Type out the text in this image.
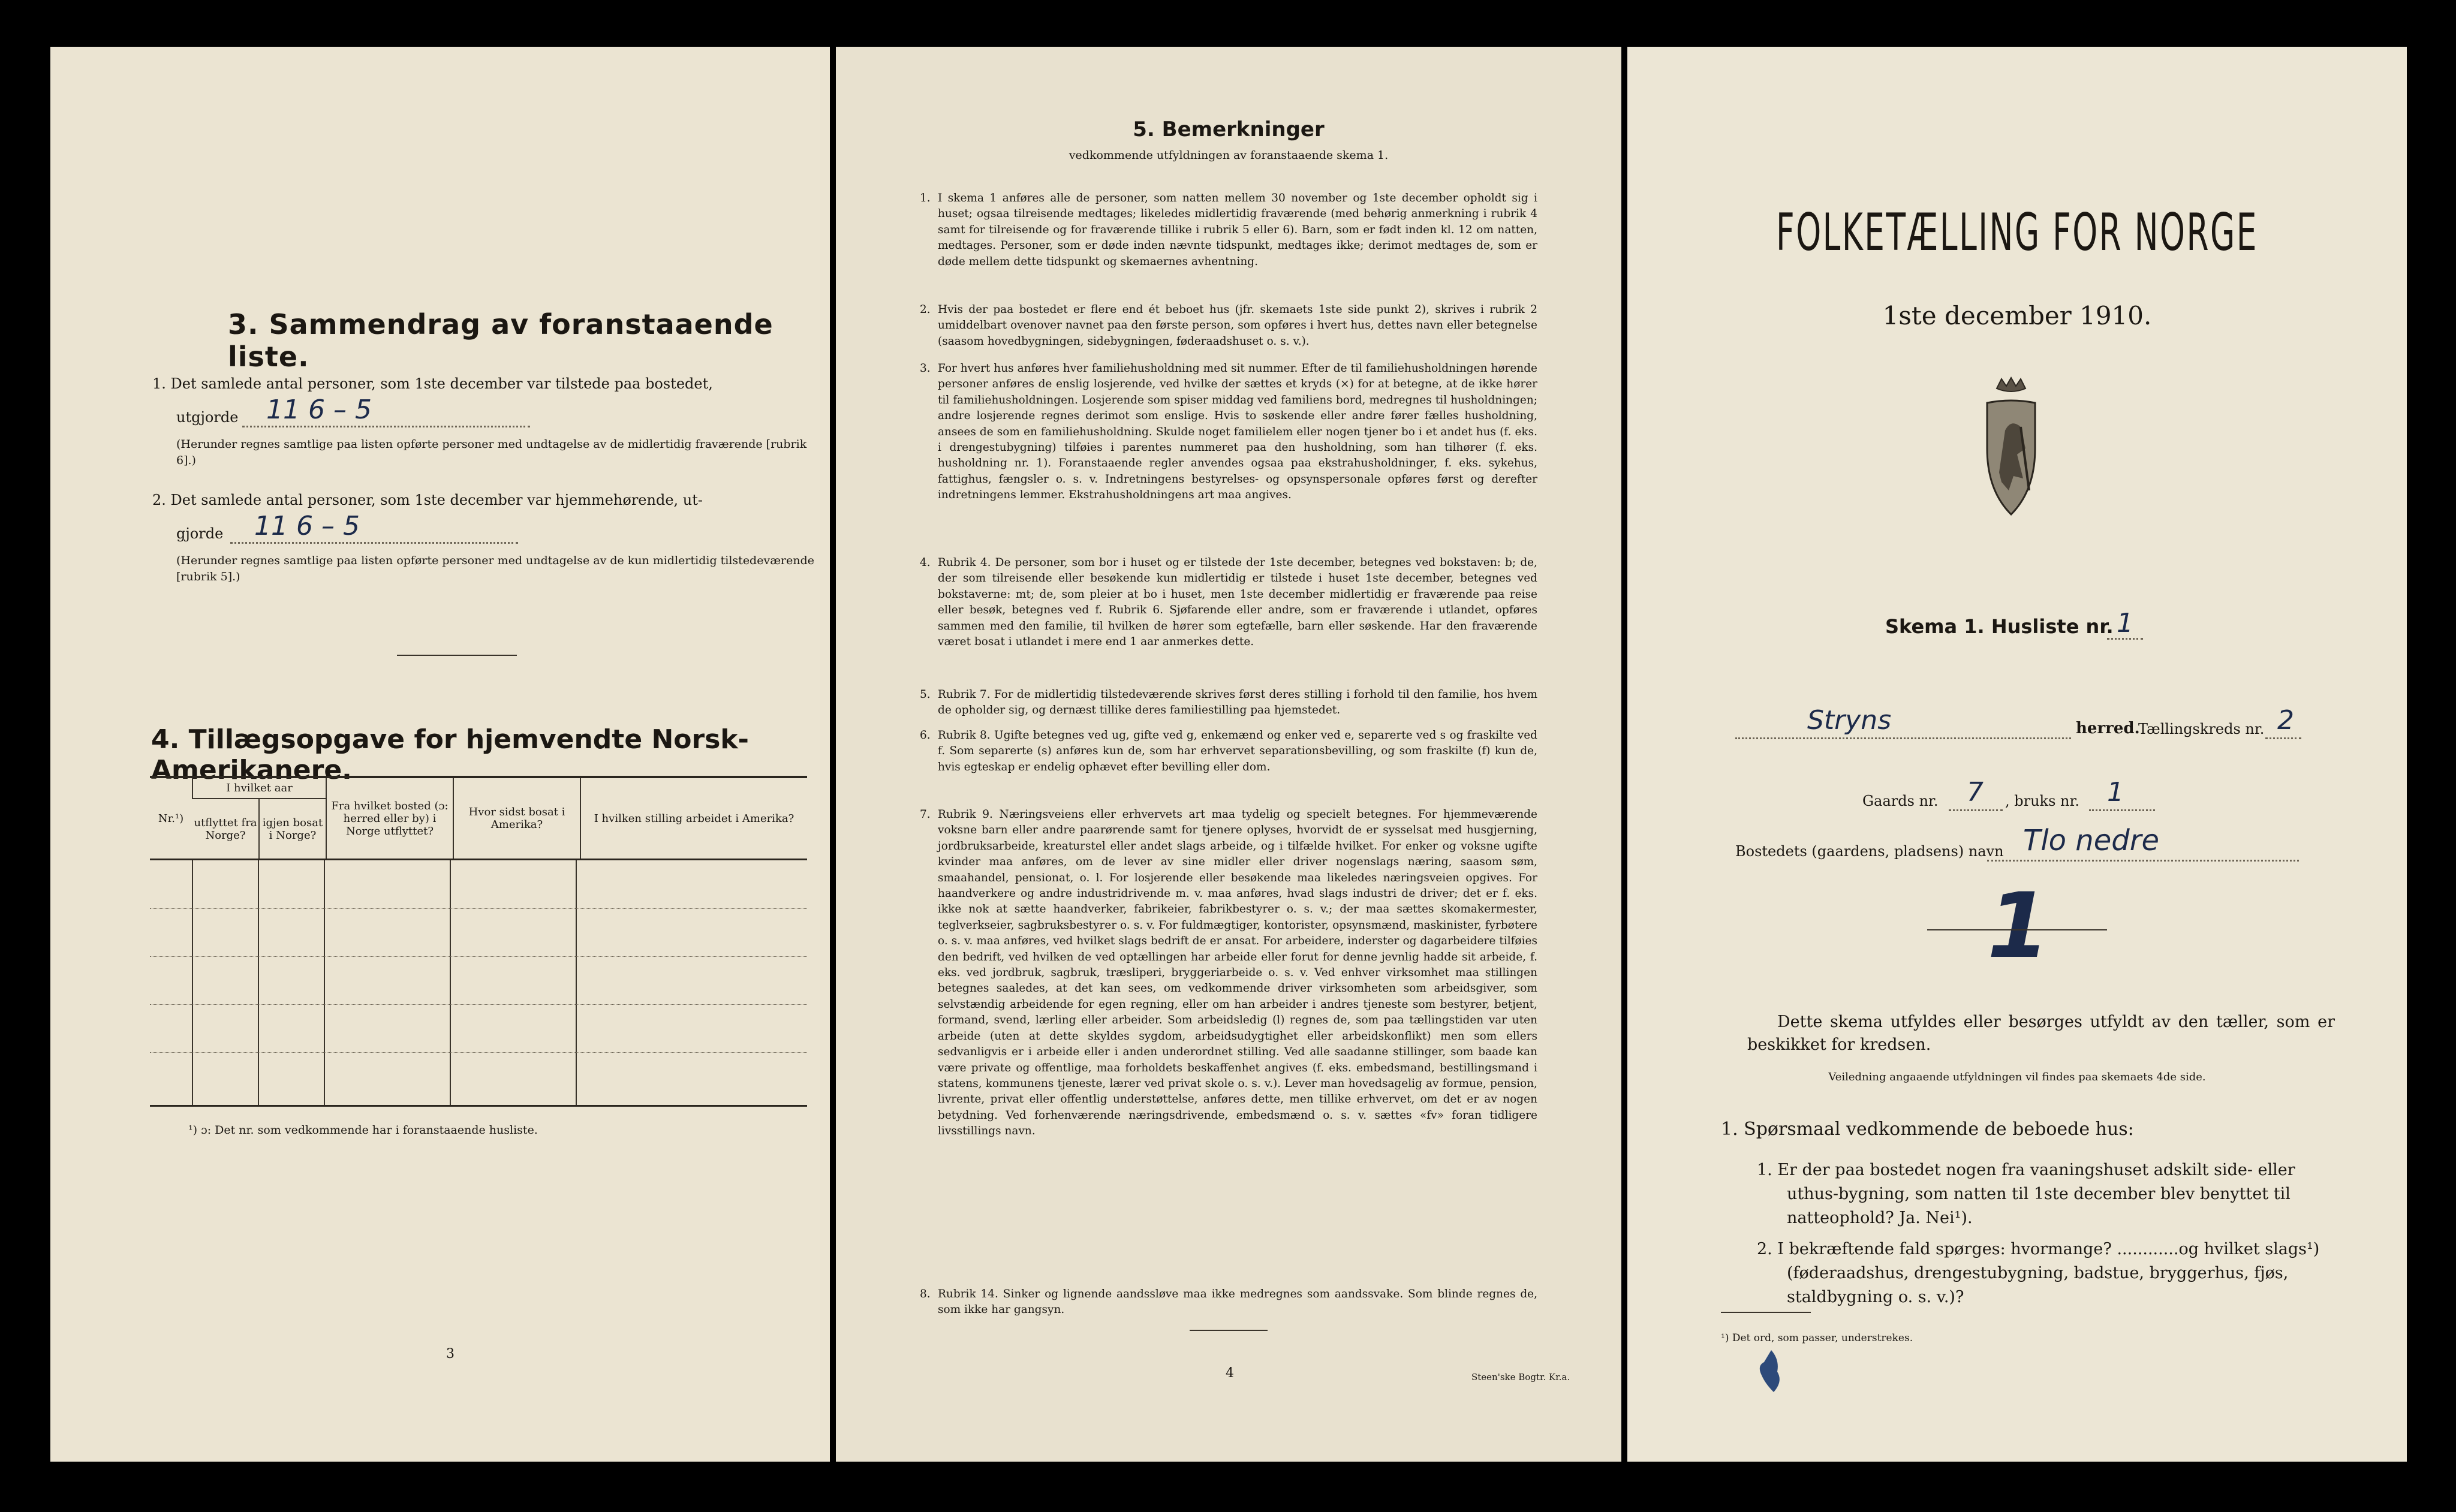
3. Sammendrag av foranstaaende liste.
1. Det samlede antal personer, som 1ste december var tilstede paa bostedet,
utgjorde 11 6 – 5
(Herunder regnes samtlige paa listen opførte personer med undtagelse av de midlertidig fraværende [rubrik 6].)
2. Det samlede antal personer, som 1ste december var hjemmehørende, ut-
gjorde 11 6 – 5
(Herunder regnes samtlige paa listen opførte personer med undtagelse av de kun midlertidig tilstedeværende [rubrik 5].)
4. Tillægsopgave for hjemvendte Norsk-Amerikanere.
Nr.¹)	I hvilket aar		Fra hvilket bosted (ɔ: herred eller by) i Norge utflyttet?	Hvor sidst bosat i Amerika?	I hvilken stilling arbeidet i Amerika?
	utflyttet fra Norge?	igjen bosat i Norge?			
¹) ɔ: Det nr. som vedkommende har i foranstaaende husliste.
3
5. Bemerkninger
vedkommende utfyldningen av foranstaaende skema 1.
1. I skema 1 anføres alle de personer, som natten mellem 30 november og 1ste december opholdt sig i huset; ogsaa tilreisende medtages; likeledes midlertidig fraværende (med behørig anmerkning i rubrik 4 samt for tilreisende og for fraværende tillike i rubrik 5 eller 6). Barn, som er født inden kl. 12 om natten, medtages. Personer, som er døde inden nævnte tidspunkt, medtages ikke; derimot medtages de, som er døde mellem dette tidspunkt og skemaernes avhentning.
2. Hvis der paa bostedet er flere end ét beboet hus (jfr. skemaets 1ste side punkt 2), skrives i rubrik 2 umiddelbart ovenover navnet paa den første person, som opføres i hvert hus, dettes navn eller betegnelse (saasom hovedbygningen, sidebygningen, føderaadshuset o. s. v.).
3. For hvert hus anføres hver familiehusholdning med sit nummer. Efter de til familiehusholdningen hørende personer anføres de enslig losjerende, ved hvilke der sættes et kryds (×) for at betegne, at de ikke hører til familiehusholdningen. Losjerende som spiser middag ved familiens bord, medregnes til husholdningen; andre losjerende regnes derimot som enslige. Hvis to søskende eller andre fører fælles husholdning, ansees de som en familiehusholdning. Skulde noget familielem eller nogen tjener bo i et andet hus (f. eks. i drengestubygning) tilføies i parentes nummeret paa den husholdning, som han tilhører (f. eks. husholdning nr. 1). Foranstaaende regler anvendes ogsaa paa ekstrahusholdninger, f. eks. sykehus, fattighus, fængsler o. s. v. Indretningens bestyrelses- og opsynspersonale opføres først og derefter indretningens lemmer. Ekstrahusholdningens art maa angives.
4. Rubrik 4. De personer, som bor i huset og er tilstede der 1ste december, betegnes ved bokstaven: b; de, der som tilreisende eller besøkende kun midlertidig er tilstede i huset 1ste december, betegnes ved bokstaverne: mt; de, som pleier at bo i huset, men 1ste december midlertidig er fraværende paa reise eller besøk, betegnes ved f. Rubrik 6. Sjøfarende eller andre, som er fraværende i utlandet, opføres sammen med den familie, til hvilken de hører som egtefælle, barn eller søskende. Har den fraværende været bosat i utlandet i mere end 1 aar anmerkes dette.
5. Rubrik 7. For de midlertidig tilstedeværende skrives først deres stilling i forhold til den familie, hos hvem de opholder sig, og dernæst tillike deres familiestilling paa hjemstedet.
6. Rubrik 8. Ugifte betegnes ved ug, gifte ved g, enkemænd og enker ved e, separerte ved s og fraskilte ved f. Som separerte (s) anføres kun de, som har erhvervet separationsbevilling, og som fraskilte (f) kun de, hvis egteskap er endelig ophævet efter bevilling eller dom.
7. Rubrik 9. Næringsveiens eller erhvervets art maa tydelig og specielt betegnes. For hjemmeværende voksne barn eller andre paarørende samt for tjenere oplyses, hvorvidt de er sysselsat med husgjerning, jordbruksarbeide, kreaturstel eller andet slags arbeide, og i tilfælde hvilket. For enker og voksne ugifte kvinder maa anføres, om de lever av sine midler eller driver nogenslags næring, saasom søm, smaahandel, pensionat, o. l. For losjerende eller besøkende maa likeledes næringsveien opgives. For haandverkere og andre industridrivende m. v. maa anføres, hvad slags industri de driver; det er f. eks. ikke nok at sætte haandverker, fabrikeier, fabrikbestyrer o. s. v.; der maa sættes skomakermester, teglverkseier, sagbruksbestyrer o. s. v. For fuldmægtiger, kontorister, opsynsmænd, maskinister, fyrbøtere o. s. v. maa anføres, ved hvilket slags bedrift de er ansat. For arbeidere, inderster og dagarbeidere tilføies den bedrift, ved hvilken de ved optællingen har arbeide eller forut for denne jevnlig hadde sit arbeide, f. eks. ved jordbruk, sagbruk, træsliperi, bryggeriarbeide o. s. v. Ved enhver virksomhet maa stillingen betegnes saaledes, at det kan sees, om vedkommende driver virksomheten som arbeidsgiver, som selvstændig arbeidende for egen regning, eller om han arbeider i andres tjeneste som bestyrer, betjent, formand, svend, lærling eller arbeider. Som arbeidsledig (l) regnes de, som paa tællingstiden var uten arbeide (uten at dette skyldes sygdom, arbeidsudygtighet eller arbeidskonflikt) men som ellers sedvanligvis er i arbeide eller i anden underordnet stilling. Ved alle saadanne stillinger, som baade kan være private og offentlige, maa forholdets beskaffenhet angives (f. eks. embedsmand, bestillingsmand i statens, kommunens tjeneste, lærer ved privat skole o. s. v.). Lever man hovedsagelig av formue, pension, livrente, privat eller offentlig understøttelse, anføres dette, men tillike erhvervet, om det er av nogen betydning. Ved forhenværende næringsdrivende, embedsmænd o. s. v. sættes «fv» foran tidligere livsstillings navn.
8. Rubrik 14. Sinker og lignende aandssløve maa ikke medregnes som aandssvake. Som blinde regnes de, som ikke har gangsyn.
4	Steen'ske Bogtr. Kr.a.
FOLKETÆLLING FOR NORGE
1ste december 1910.
Skema 1. Husliste nr. 1
Stryns	herred.
Tællingskreds nr. 2
Gaards nr. 7 , bruks nr. 1
Bostedets (gaardens, pladsens) navn Tlo nedre
1
Dette skema utfyldes eller besørges utfyldt av den tæller, som er beskikket for kredsen.
Veiledning angaaende utfyldningen vil findes paa skemaets 4de side.
1. Spørsmaal vedkommende de beboede hus:
1. Er der paa bostedet nogen fra vaaningshuset adskilt side- eller uthus-bygning, som natten til 1ste december blev benyttet til natteophold? Ja. Nei¹).
2. I bekræftende fald spørges: hvormange? ............og hvilket slags¹) (føderaadshus, drengestubygning, badstue, bryggerhus, fjøs, staldbygning o. s. v.)?
¹) Det ord, som passer, understrekes.
